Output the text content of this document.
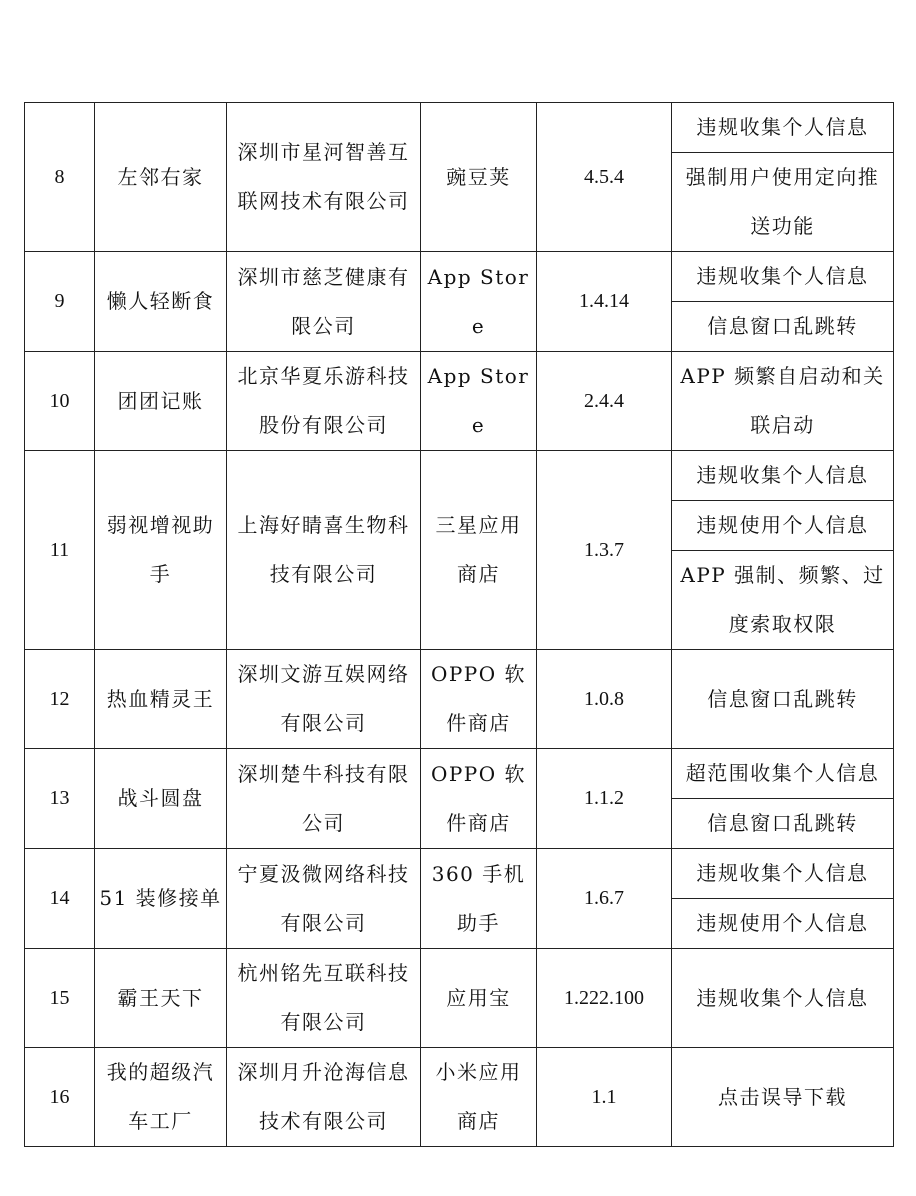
8	左邻右家	深圳市星河智善互联网技术有限公司	豌豆荚	4.5.4	违规收集个人信息
					强制用户使用定向推送功能
9	懒人轻断食	深圳市慈芝健康有限公司	App Store	1.4.14	违规收集个人信息
					信息窗口乱跳转
10	团团记账	北京华夏乐游科技股份有限公司	App Store	2.4.4	APP 频繁自启动和关联启动
11	弱视增视助手	上海好睛喜生物科技有限公司	三星应用商店	1.3.7	违规收集个人信息
					违规使用个人信息
					APP 强制、频繁、过度索取权限
12	热血精灵王	深圳文游互娱网络有限公司	OPPO 软件商店	1.0.8	信息窗口乱跳转
13	战斗圆盘	深圳楚牛科技有限公司	OPPO 软件商店	1.1.2	超范围收集个人信息
					信息窗口乱跳转
14	51 装修接单	宁夏汲微网络科技有限公司	360 手机助手	1.6.7	违规收集个人信息
					违规使用个人信息
15	霸王天下	杭州铭先互联科技有限公司	应用宝	1.222.100	违规收集个人信息
16	我的超级汽车工厂	深圳月升沧海信息技术有限公司	小米应用商店	1.1	点击误导下载
